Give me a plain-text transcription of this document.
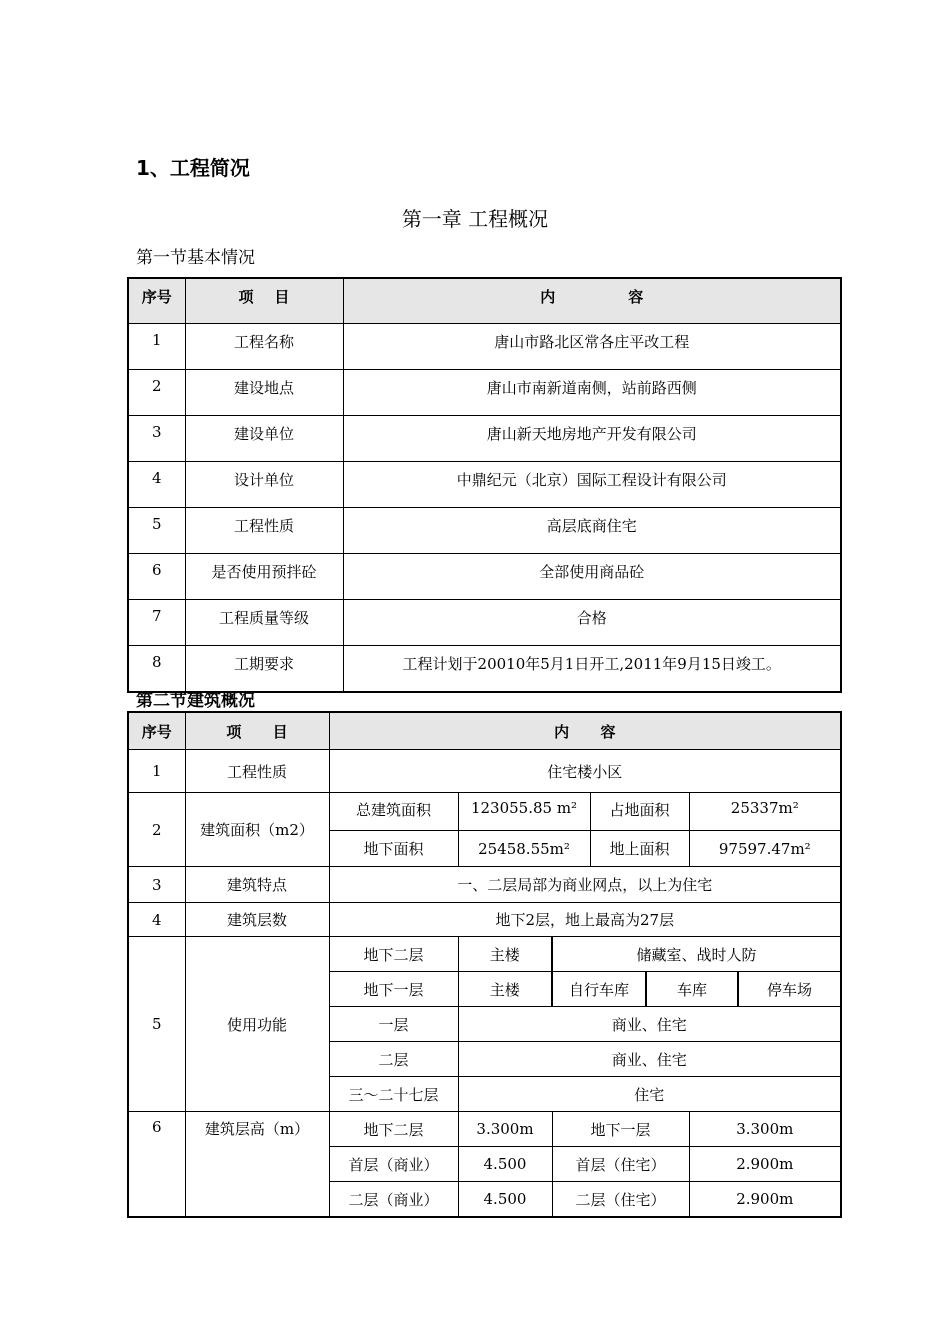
1、工程简况
第一章 工程概况
第一节基本情况
序号	项    目	内              容
1	工程名称	唐山市路北区常各庄平改工程
2	建设地点	唐山市南新道南侧，站前路西侧
3	建设单位	唐山新天地房地产开发有限公司
4	设计单位	中鼎纪元（北京）国际工程设计有限公司
5	工程性质	高层底商住宅
6	是否使用预拌砼	全部使用商品砼
7	工程质量等级	合格
8	工期要求	工程计划于20010年5月1日开工,2011年9月15日竣工。
第二节建筑概况
序号	项      目	内      容						
1	工程性质	住宅楼小区						
2	建筑面积（m2）	总建筑面积	123055.85 m²		占地面积		25337m²	
		地下面积	25458.55m²		地上面积		97597.47m²	
3	建筑特点	一、二层局部为商业网点，以上为住宅						
4	建筑层数	地下2层，地上最高为27层						
5	使用功能	地下二层	主楼	储藏室、战时人防				
		地下一层	主楼	自行车库		车库		停车场
		一层	商业、住宅					
		二层	商业、住宅					
		三～二十七层	住宅					
6	建筑层高（m）	地下二层	3.300m	地下一层			3.300m	
		首层（商业）	4.500	首层（住宅）			2.900m	
		二层（商业）	4.500	二层（住宅）			2.900m	
